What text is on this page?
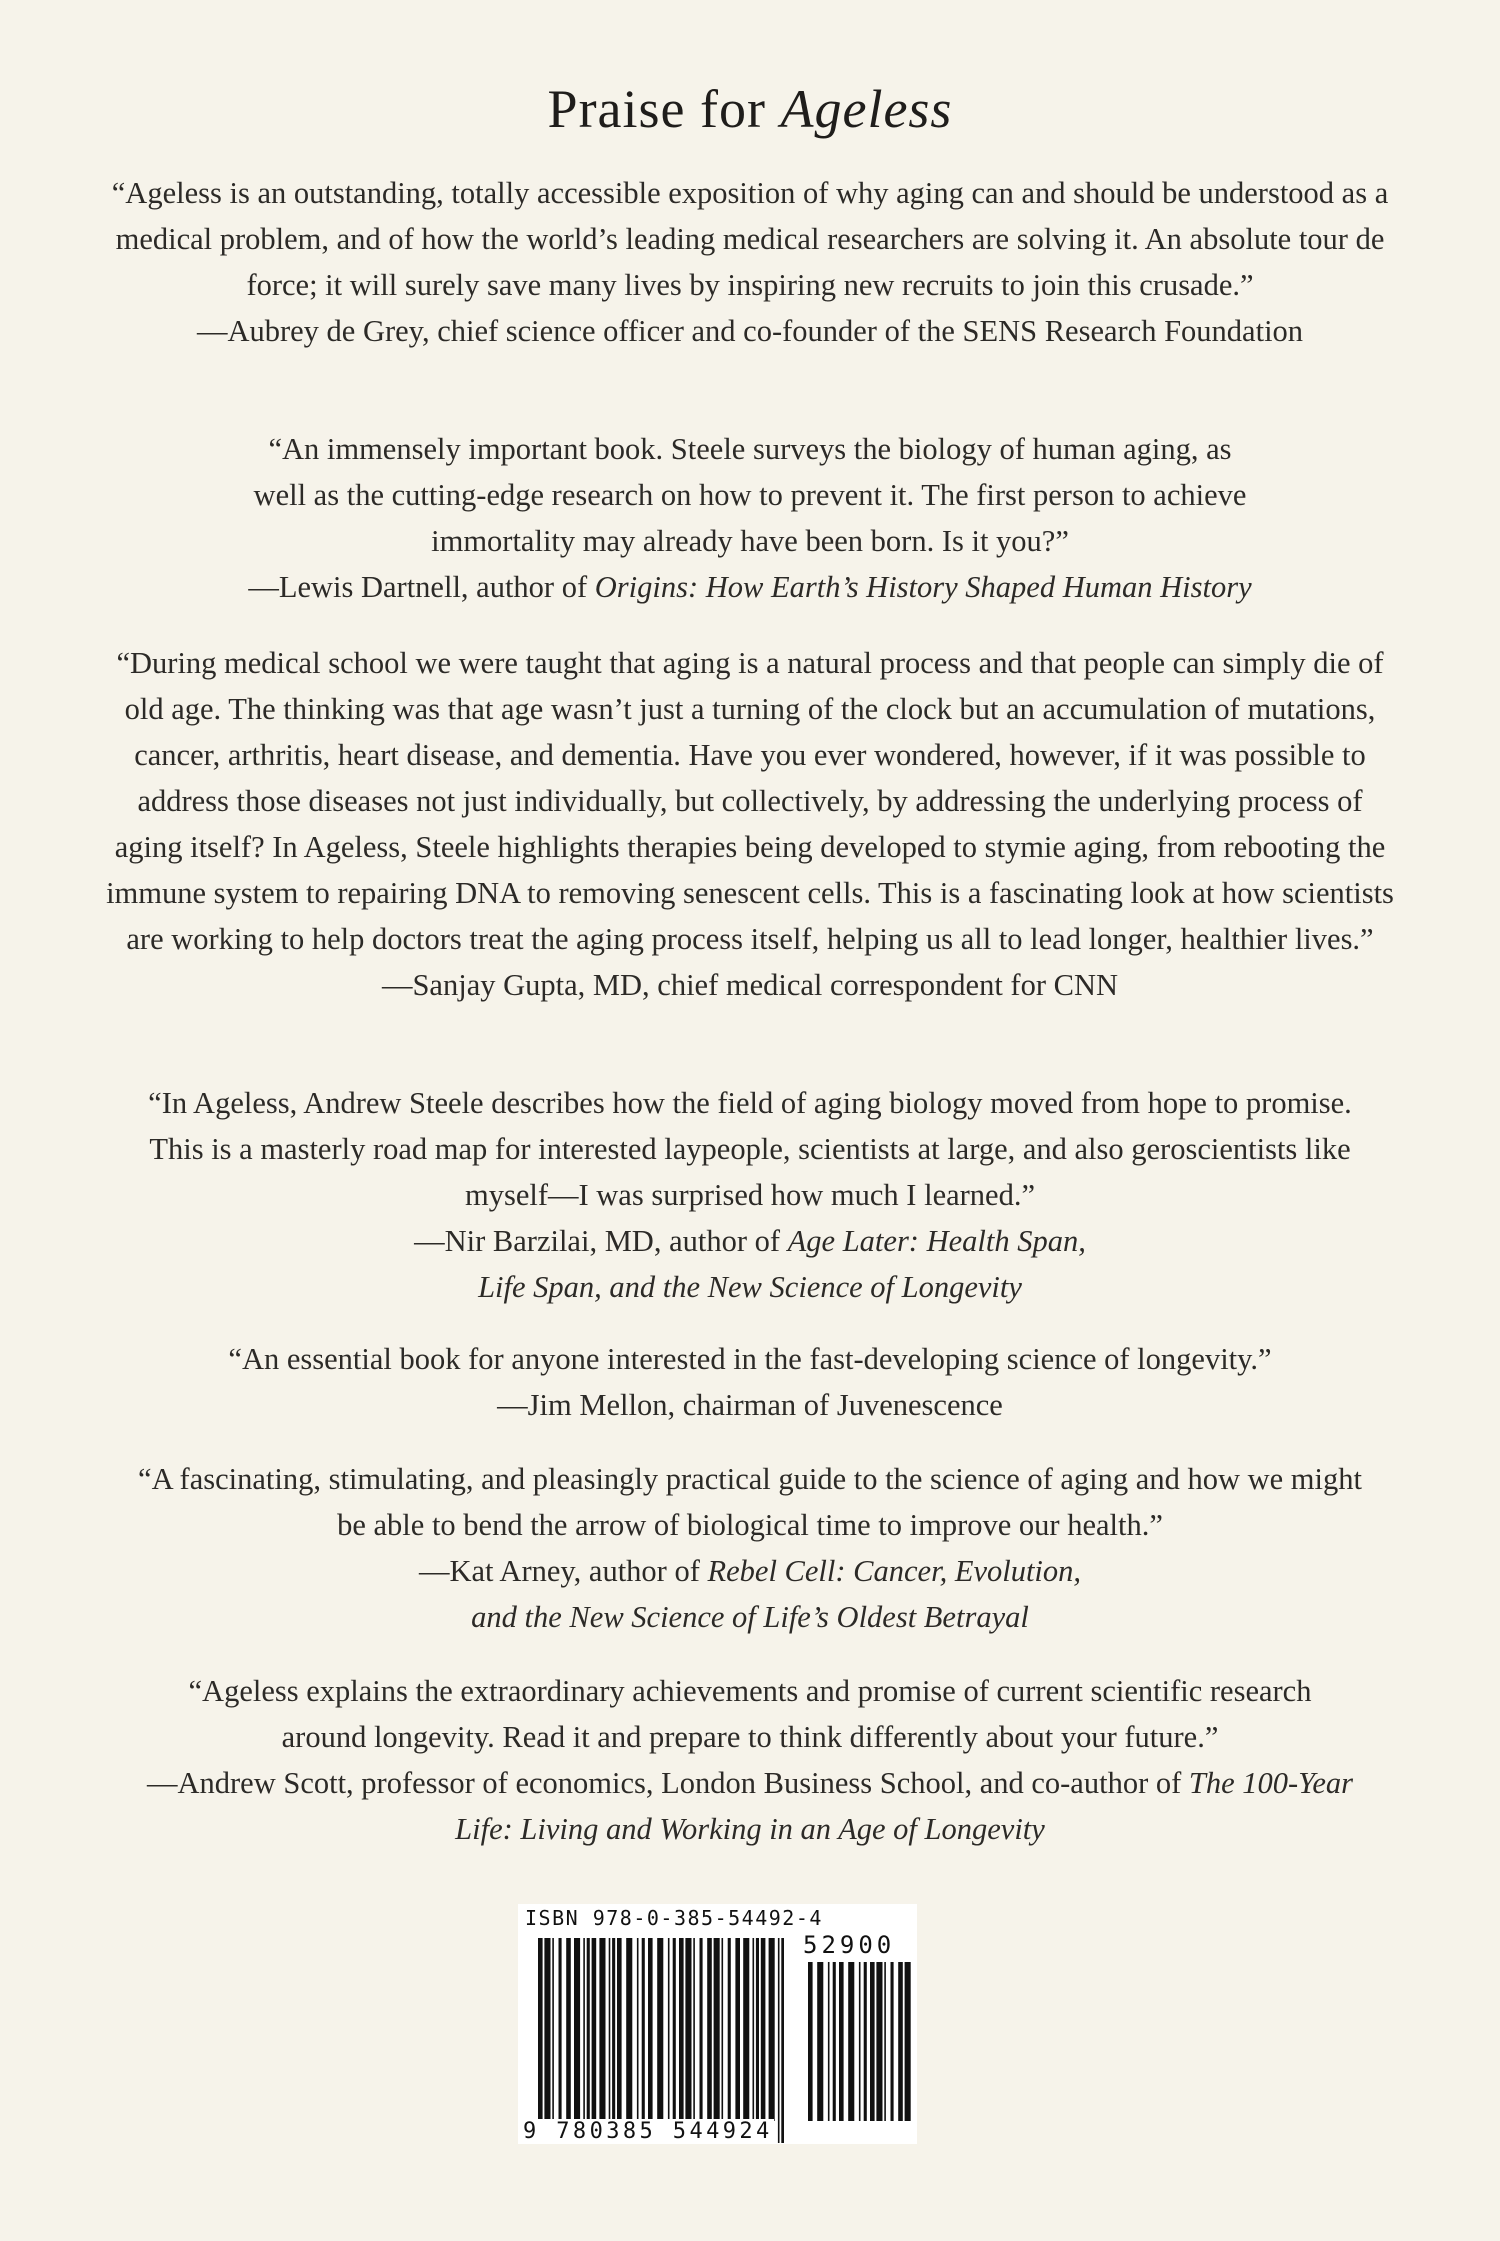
Praise for Ageless

“Ageless is an outstanding, totally accessible exposition of why aging can and should be understood as a medical problem, and of how the world’s leading medical researchers are solving it. An absolute tour de force; it will surely save many lives by inspiring new recruits to join this crusade.”

—Aubrey de Grey, chief science officer and co-founder of the SENS Research Foundation

“An immensely important book. Steele surveys the biology of human aging, as well as the cutting-edge research on how to prevent it. The first person to achieve immortality may already have been born. Is it you?”

—Lewis Dartnell, author of Origins: How Earth’s History Shaped Human History

“During medical school we were taught that aging is a natural process and that people can simply die of old age. The thinking was that age wasn’t just a turning of the clock but an accumulation of mutations, cancer, arthritis, heart disease, and dementia. Have you ever wondered, however, if it was possible to address those diseases not just individually, but collectively, by addressing the underlying process of aging itself? In Ageless, Steele highlights therapies being developed to stymie aging, from rebooting the immune system to repairing DNA to removing senescent cells. This is a fascinating look at how scientists are working to help doctors treat the aging process itself, helping us all to lead longer, healthier lives.”

—Sanjay Gupta, MD, chief medical correspondent for CNN

“In Ageless, Andrew Steele describes how the field of aging biology moved from hope to promise. This is a masterly road map for interested laypeople, scientists at large, and also geroscientists like myself—I was surprised how much I learned.”

—Nir Barzilai, MD, author of Age Later: Health Span, Life Span, and the New Science of Longevity

“An essential book for anyone interested in the fast-developing science of longevity.”

—Jim Mellon, chairman of Juvenescence

“A fascinating, stimulating, and pleasingly practical guide to the science of aging and how we might be able to bend the arrow of biological time to improve our health.”

—Kat Arney, author of Rebel Cell: Cancer, Evolution, and the New Science of Life’s Oldest Betrayal

“Ageless explains the extraordinary achievements and promise of current scientific research around longevity. Read it and prepare to think differently about your future.”

—Andrew Scott, professor of economics, London Business School, and co-author of The 100-Year Life: Living and Working in an Age of Longevity

ISBN 978-0-385-54492-4
52900
9 780385 544924
